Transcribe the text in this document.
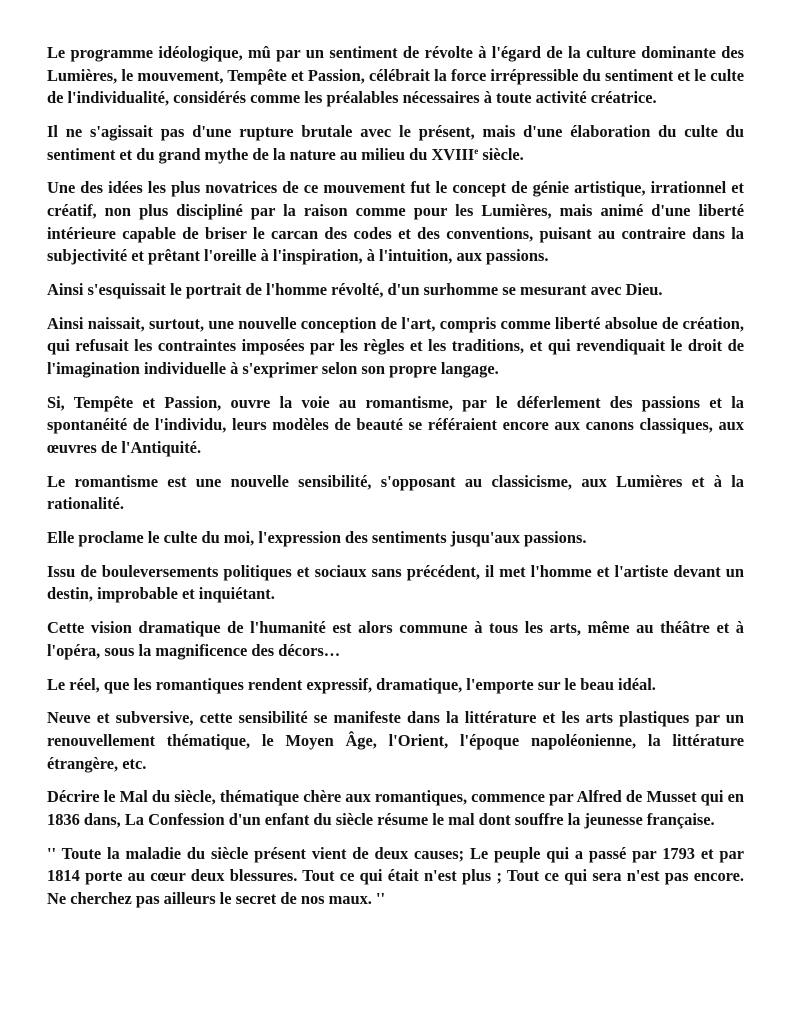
Le programme idéologique, mû par un sentiment de révolte à l'égard de la culture dominante des Lumières, le mouvement, Tempête et Passion, célébrait la force irrépressible du sentiment et le culte de l'individualité, considérés comme les préalables nécessaires à toute activité créatrice.

Il ne s'agissait pas d'une rupture brutale avec le présent, mais d'une élaboration du culte du sentiment et du grand mythe de la nature au milieu du XVIIIe siècle.

Une des idées les plus novatrices de ce mouvement fut le concept de génie artistique, irrationnel et créatif, non plus discipliné par la raison comme pour les Lumières, mais animé d'une liberté intérieure capable de briser le carcan des codes et des conventions, puisant au contraire dans la subjectivité et prêtant l'oreille à l'inspiration, à l'intuition, aux passions.

Ainsi s'esquissait le portrait de l'homme révolté, d'un surhomme se mesurant avec Dieu.

Ainsi naissait, surtout, une nouvelle conception de l'art, compris comme liberté absolue de création, qui refusait les contraintes imposées par les règles et les traditions, et qui revendiquait le droit de l'imagination individuelle à s'exprimer selon son propre langage.

Si, Tempête et Passion, ouvre la voie au romantisme, par le déferlement des passions et la spontanéité de l'individu, leurs modèles de beauté se référaient encore aux canons classiques, aux œuvres de l'Antiquité.

Le romantisme est une nouvelle sensibilité, s'opposant au classicisme, aux Lumières et à la rationalité.

Elle proclame le culte du moi, l'expression des sentiments jusqu'aux passions.

Issu de bouleversements politiques et sociaux sans précédent, il met l'homme et l'artiste devant un destin, improbable et inquiétant.

Cette vision dramatique de l'humanité est alors commune à tous les arts, même au théâtre et à l'opéra, sous la magnificence des décors…

Le réel, que les romantiques rendent expressif, dramatique, l'emporte sur le beau idéal.

Neuve et subversive, cette sensibilité se manifeste dans la littérature et les arts plastiques par un renouvellement thématique, le Moyen Âge, l'Orient, l'époque napoléonienne, la littérature étrangère, etc.

Décrire le Mal du siècle, thématique chère aux romantiques, commence par Alfred de Musset qui en 1836 dans, La Confession d'un enfant du siècle résume le mal dont souffre la jeunesse française.

'' Toute la maladie du siècle présent vient de deux causes; Le peuple qui a passé par 1793 et par 1814 porte au cœur deux blessures. Tout ce qui était n'est plus ; Tout ce qui sera n'est pas encore. Ne cherchez pas ailleurs le secret de nos maux. ''
